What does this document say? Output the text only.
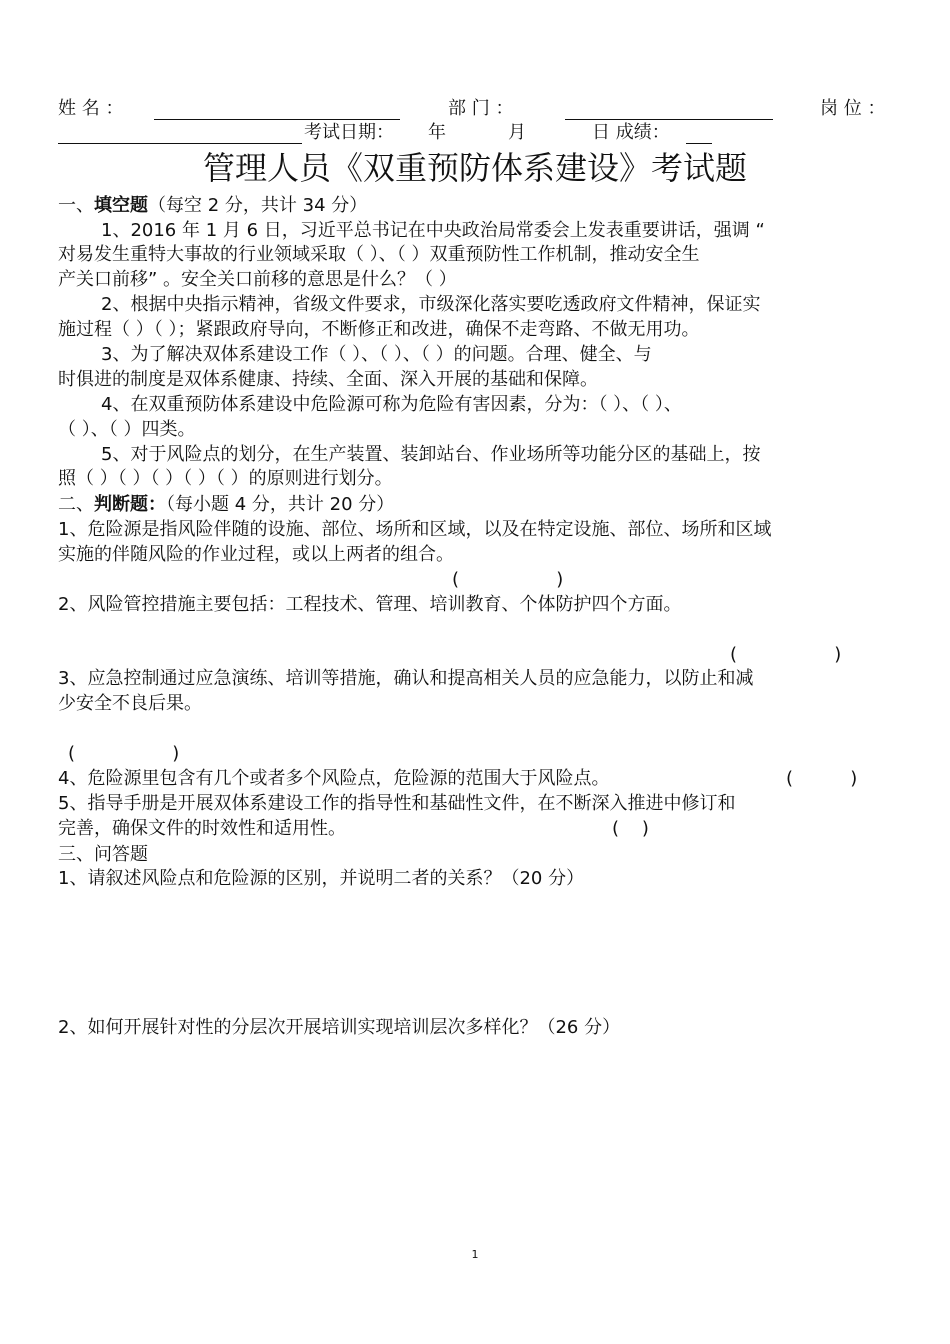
姓 名 ：	部 门 ：	岗 位 ：
考试日期： 年	月	日 成绩：
管理人员《双重预防体系建设》考试题
一、填空题（每空 2 分，共计 34 分）
1、2016 年 1 月 6 日，习近平总书记在中央政治局常委会上发表重要讲话，强调 “
对易发生重特大事故的行业领域采取（ ）、（ ）双重预防性工作机制，推动安全生
产关口前移” 。安全关口前移的意思是什么？（ ）
2、根据中央指示精神，省级文件要求，市级深化落实要吃透政府文件精神，保证实
施过程（ ）（ ）；紧跟政府导向，不断修正和改进，确保不走弯路、不做无用功。
3、为了解决双体系建设工作（ ）、（ ）、（ ）的问题。合理、健全、与
时俱进的制度是双体系健康、持续、全面、深入开展的基础和保障。
4、在双重预防体系建设中危险源可称为危险有害因素，分为：（ ）、（ ）、
（ ）、（ ）四类。
5、对于风险点的划分，在生产装置、装卸站台、作业场所等功能分区的基础上，按
照（ ）（ ）（ ）（ ）（ ）的原则进行划分。
二、判断题：（每小题 4 分，共计 20 分）
1、危险源是指风险伴随的设施、部位、场所和区域，以及在特定设施、部位、场所和区域
实施的伴随风险的作业过程，或以上两者的组合。
(                 )
2、风险管控措施主要包括：工程技术、管理、培训教育、个体防护四个方面。
(                 )
3、应急控制通过应急演练、培训等措施，确认和提高相关人员的应急能力，以防止和减
少安全不良后果。
(                 )
4、危险源里包含有几个或者多个风险点，危险源的范围大于风险点。	(          )
5、指导手册是开展双体系建设工作的指导性和基础性文件，在不断深入推进中修订和
完善，确保文件的时效性和适用性。	(    )
三、问答题
1、请叙述风险点和危险源的区别，并说明二者的关系？（20 分）
2、如何开展针对性的分层次开展培训实现培训层次多样化？（26 分）
1
